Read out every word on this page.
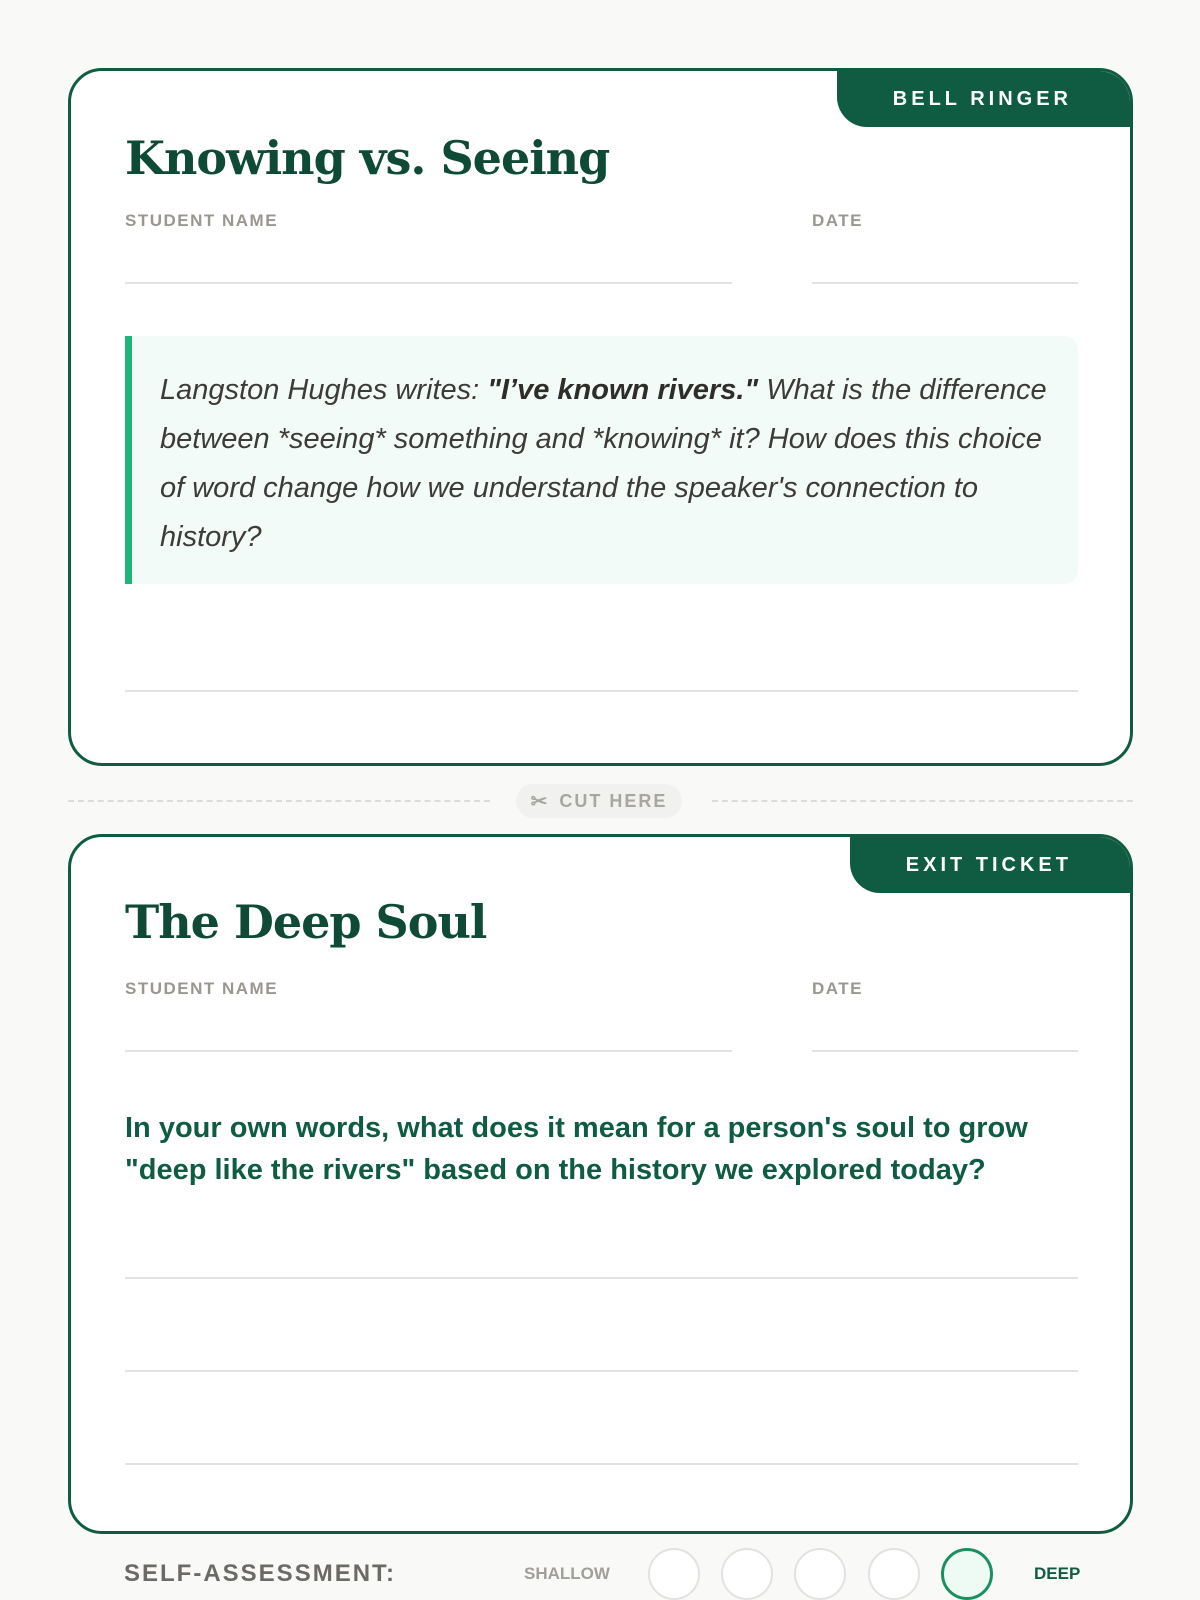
BELL RINGER
Knowing vs. Seeing
STUDENT NAME	DATE
Langston Hughes writes: "I’ve known rivers." What is the difference between *seeing* something and *knowing* it? How does this choice of word change how we understand the speaker's connection to history?
✂ CUT HERE
EXIT TICKET
The Deep Soul
STUDENT NAME	DATE

In your own words, what does it mean for a person's soul to grow "deep like the rivers" based on the history we explored today?

SELF-ASSESSMENT:	SHALLOW	DEEP
